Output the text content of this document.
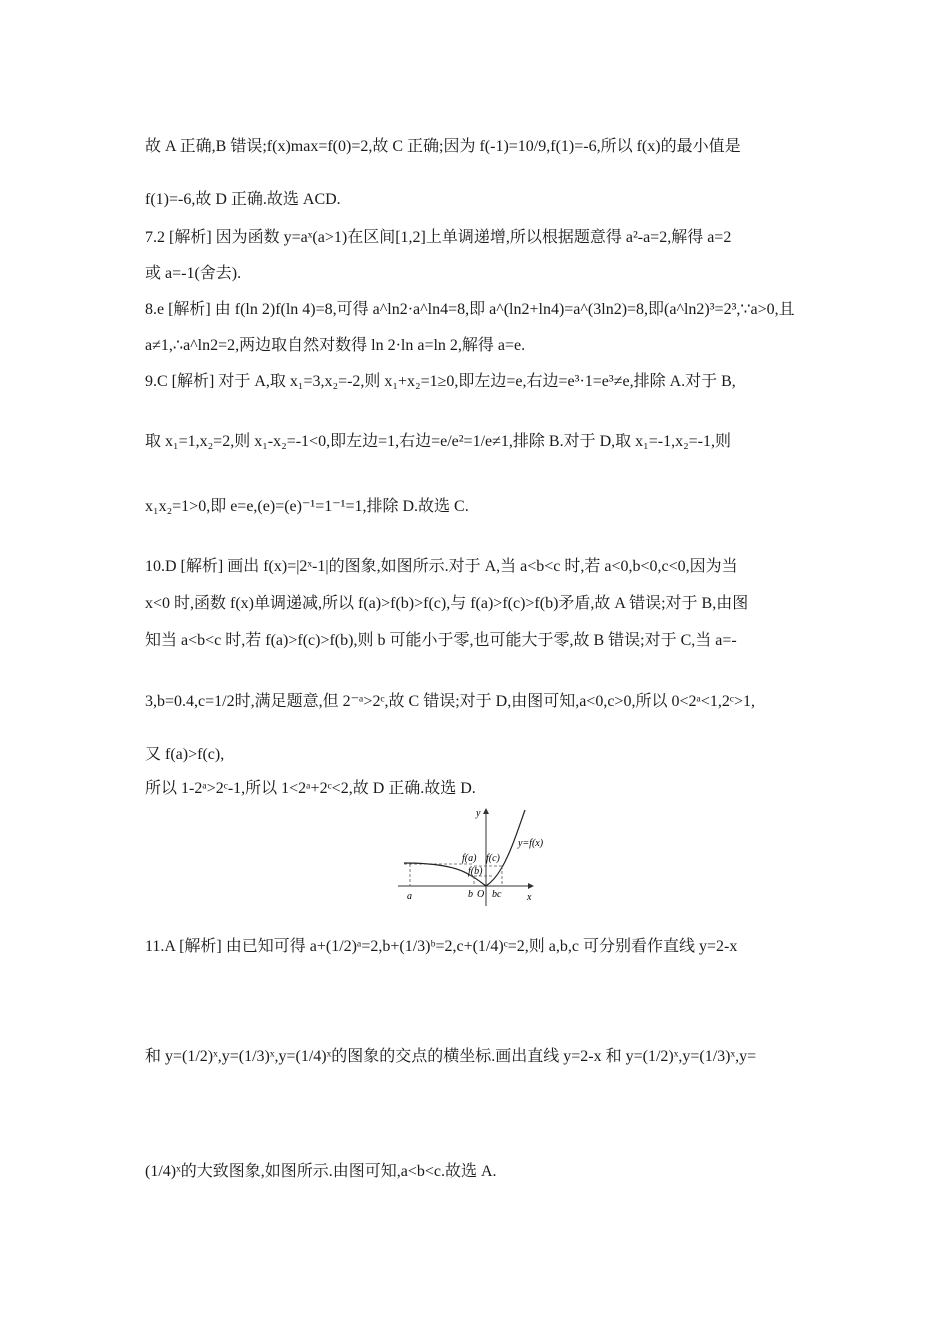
故 A 正确,B 错误;f(x)max=f(0)=2,故 C 正确;因为 f(-1)=10/9,f(1)=-6,所以 f(x)的最小值是
f(1)=-6,故 D 正确.故选 ACD.
7.2 [解析] 因为函数 y=aˣ(a>1)在区间[1,2]上单调递增,所以根据题意得 a²-a=2,解得 a=2
或 a=-1(舍去).
8.e [解析] 由 f(ln 2)f(ln 4)=8,可得 a^ln2·a^ln4=8,即 a^(ln2+ln4)=a^(3ln2)=8,即(a^ln2)³=2³,∵a>0,且
a≠1,∴a^ln2=2,两边取自然对数得 ln 2·ln a=ln 2,解得 a=e.
9.C [解析] 对于 A,取 x₁=3,x₂=-2,则 x₁+x₂=1≥0,即左边=e,右边=e³·1=e³≠e,排除 A.对于 B,
取 x₁=1,x₂=2,则 x₁-x₂=-1<0,即左边=1,右边=e/e²=1/e≠1,排除 B.对于 D,取 x₁=-1,x₂=-1,则
x₁x₂=1>0,即 e=e,(e)=(e)⁻¹=1⁻¹=1,排除 D.故选 C.
10.D [解析] 画出 f(x)=|2ˣ-1|的图象,如图所示.对于 A,当 a<b<c 时,若 a<0,b<0,c<0,因为当
x<0 时,函数 f(x)单调递减,所以 f(a)>f(b)>f(c),与 f(a)>f(c)>f(b)矛盾,故 A 错误;对于 B,由图
知当 a<b<c 时,若 f(a)>f(c)>f(b),则 b 可能小于零,也可能大于零,故 B 错误;对于 C,当 a=-
3,b=0.4,c=1/2时,满足题意,但 2⁻ᵃ>2ᶜ,故 C 错误;对于 D,由图可知,a<0,c>0,所以 0<2ᵃ<1,2ᶜ>1,
又 f(a)>f(c),
所以 1-2ᵃ>2ᶜ-1,所以 1<2ᵃ+2ᶜ<2,故 D 正确.故选 D.
y
x
y=f(x)
f(a) f(c)
f(b)
a	b O bc
11.A [解析] 由已知可得 a+(1/2)ᵃ=2,b+(1/3)ᵇ=2,c+(1/4)ᶜ=2,则 a,b,c 可分别看作直线 y=2-x
和 y=(1/2)ˣ,y=(1/3)ˣ,y=(1/4)ˣ的图象的交点的横坐标.画出直线 y=2-x 和 y=(1/2)ˣ,y=(1/3)ˣ,y=
(1/4)ˣ的大致图象,如图所示.由图可知,a<b<c.故选 A.
